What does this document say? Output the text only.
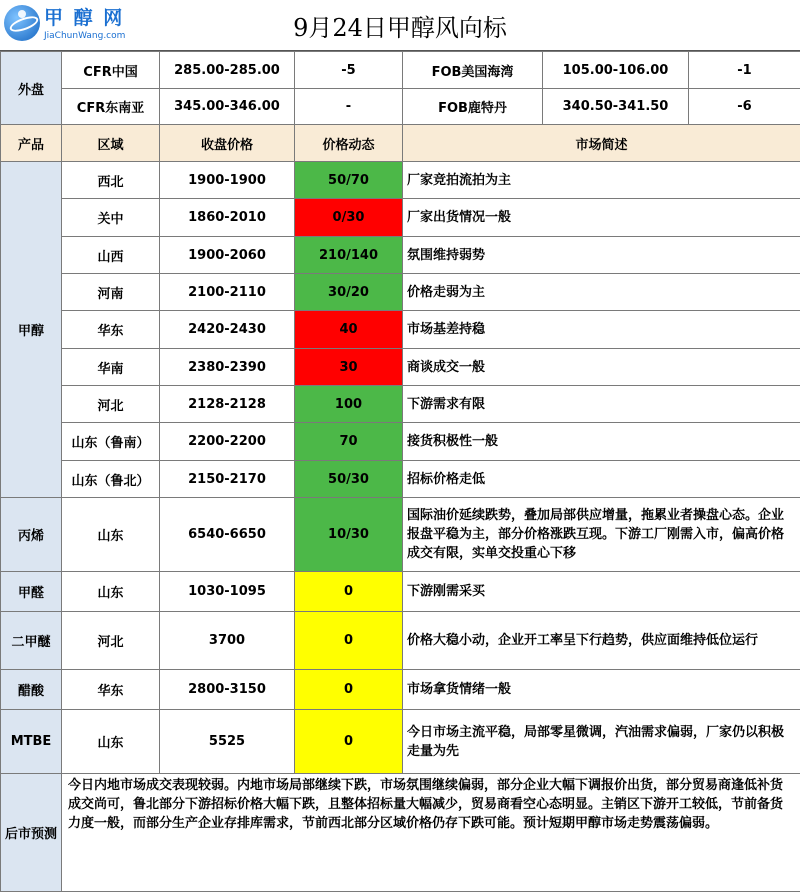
甲 醇 网
JiaChunWang.com	9月24日甲醇风向标
外盘	CFR中国	285.00-285.00	-5	FOB美国海湾	105.00-106.00	-1
	CFR东南亚	345.00-346.00	-	FOB鹿特丹	340.50-341.50	-6
产品	区域	收盘价格	价格动态	市场简述		
甲醇	西北	1900-1900	50/70	厂家竞拍流拍为主		
	关中	1860-2010	0/30	厂家出货情况一般		
	山西	1900-2060	210/140	氛围维持弱势		
	河南	2100-2110	30/20	价格走弱为主		
	华东	2420-2430	40	市场基差持稳		
	华南	2380-2390	30	商谈成交一般		
	河北	2128-2128	100	下游需求有限		
	山东（鲁南）	2200-2200	70	接货积极性一般		
	山东（鲁北）	2150-2170	50/30	招标价格走低		
丙烯	山东	6540-6650	10/30	国际油价延续跌势，叠加局部供应增量，拖累业者操盘心态。企业报盘平稳为主，部分价格涨跌互现。下游工厂刚需入市，偏高价格成交有限，实单交投重心下移		
甲醛	山东	1030-1095	0	下游刚需采买		
二甲醚	河北	3700	0	价格大稳小动，企业开工率呈下行趋势，供应面维持低位运行		
醋酸	华东	2800-3150	0	市场拿货情绪一般		
MTBE	山东	5525	0	今日市场主流平稳，局部零星微调，汽油需求偏弱，厂家仍以积极走量为先		
后市预测	今日内地市场成交表现较弱。内地市场局部继续下跌，市场氛围继续偏弱，部分企业大幅下调报价出货，部分贸易商逢低补货成交尚可，鲁北部分下游招标价格大幅下跌，且整体招标量大幅减少，贸易商看空心态明显。主销区下游开工较低，节前备货力度一般，而部分生产企业存排库需求，节前西北部分区域价格仍存下跌可能。预计短期甲醇市场走势震荡偏弱。					
